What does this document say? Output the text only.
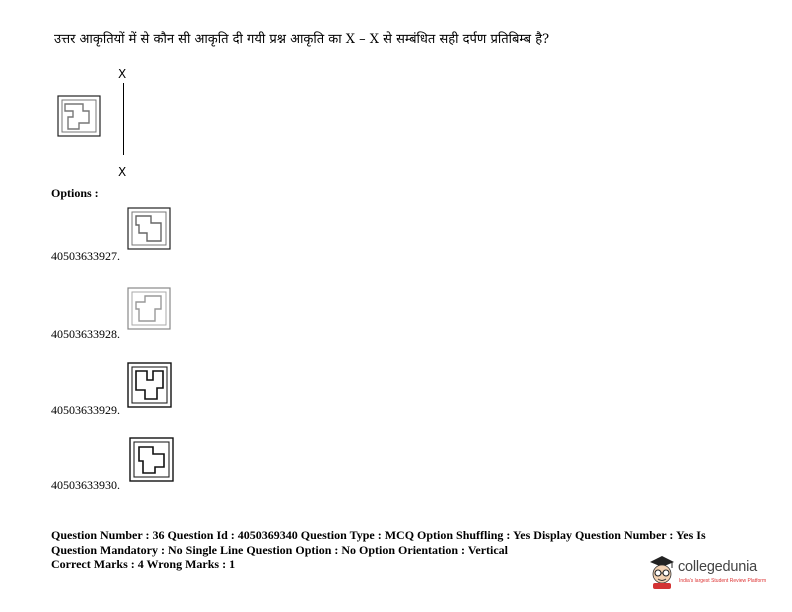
उत्तर आकृतियों में से कौन सी आकृति दी गयी प्रश्न आकृति का X – X से सम्बंधित सही दर्पण प्रतिबिम्ब है?
X
X
Options :
40503633927.
40503633928.
40503633929.
40503633930.
Question Number : 36 Question Id : 4050369340 Question Type : MCQ Option Shuffling : Yes Display Question Number : Yes Is Question Mandatory : No Single Line Question Option : No Option Orientation : Vertical
Correct Marks : 4 Wrong Marks : 1	collegedunia
India's largest Student Review Platform
